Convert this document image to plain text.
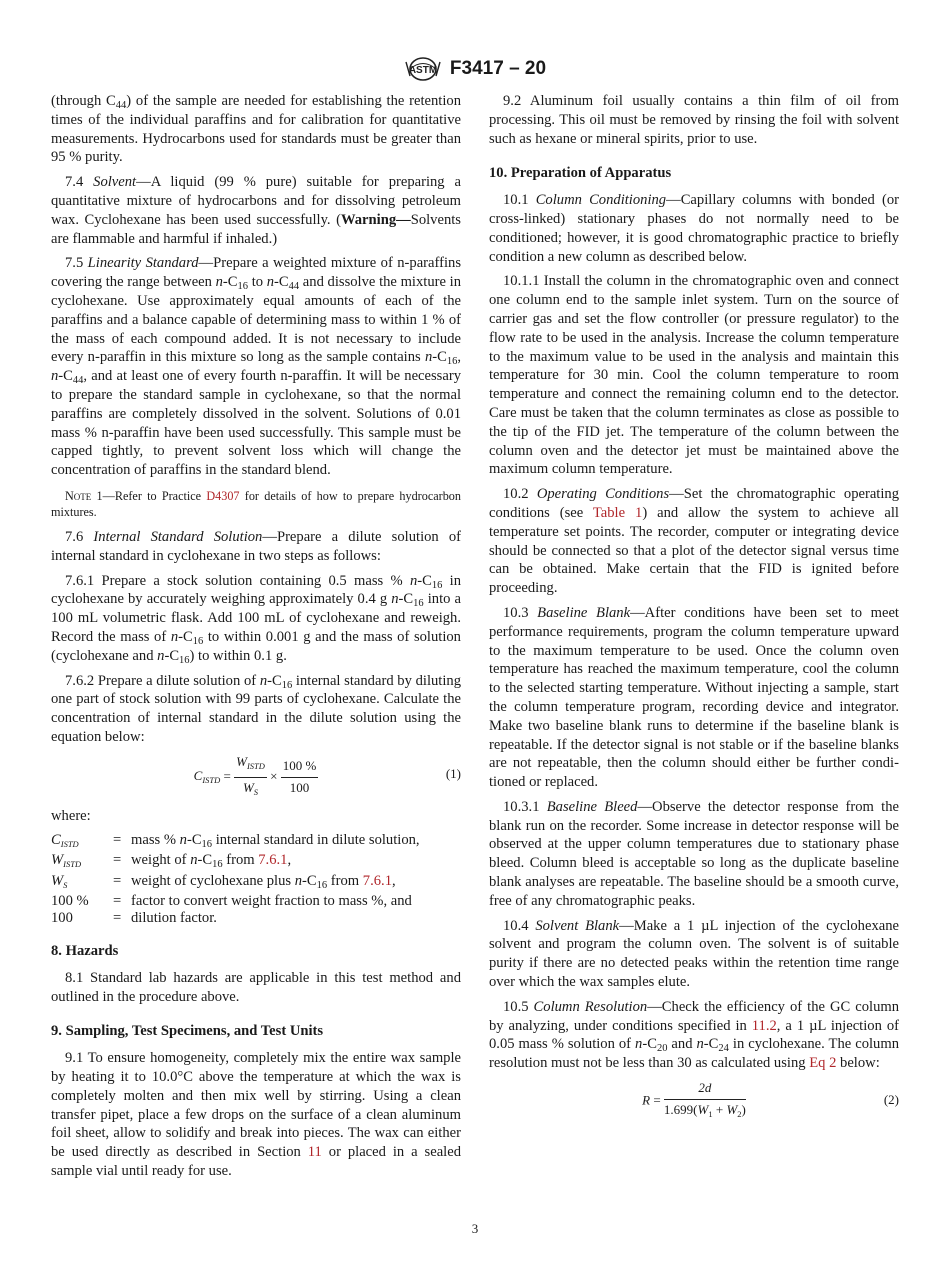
ASTM F3417 – 20

(through $C_{44}$) of the sample are needed for establishing the retention times of the individual paraffins and for calibration for quantitative measurements. Hydrocarbons used for standards must be greater than 95 % purity.

7.4 Solvent—A liquid (99 % pure) suitable for preparing a quantitative mixture of hydrocarbons and for dissolving petroleum wax. Cyclohexane has been used successfully. (Warning—Solvents are flammable and harmful if inhaled.)

7.5 Linearity Standard—Prepare a weighted mixture of n-paraffins covering the range between $n-C_{16}$ to $n-C_{44}$ and dissolve the mixture in cyclohexane. Use approximately equal amounts of each of the paraffins and a balance capable of determining mass to within 1 % of the mass of each compound added. It is not necessary to include every n-paraffin in this mixture so long as the sample contains $n-C_{16}$, $n-C_{44}$, and at least one of every fourth n-paraffin. It will be necessary to prepare the standard sample in cyclohexane, so that the normal paraffins are completely dissolved in the solvent. Solutions of 0.01 mass % n-paraffin have been used successfully. This sample must be capped tightly, to prevent solvent loss which will change the concentration of paraffins in the standard blend.

Note 1—Refer to Practice D4307 for details of how to prepare hydrocarbon mixtures.

7.6 Internal Standard Solution—Prepare a dilute solution of internal standard in cyclohexane in two steps as follows:

7.6.1 Prepare a stock solution containing 0.5 mass % $n-C_{16}$ in cyclohexane by accurately weighing approximately 0.4 g $n-C_{16}$ into a 100 mL volumetric flask. Add 100 mL of cyclohexane and reweigh. Record the mass of $n-C_{16}$ to within 0.001 g and the mass of solution (cyclohexane and $n-C_{16}$) to within 0.1 g.

7.6.2 Prepare a dilute solution of $n-C_{16}$ internal standard by diluting one part of stock solution with 99 parts of cyclohexane. Calculate the concentration of internal standard in the dilute solution using the equation below:

$C_{ISTD} = \frac{W_{ISTD}}{W_S} \times \frac{100 \%}{100}$	(1)

where:

$C_{ISTD}$	=	mass % $n-C_{16}$ internal standard in dilute solution,
$W_{ISTD}$	=	weight of $n-C_{16}$ from 7.6.1,
$W_S$	=	weight of cyclohexane plus $n-C_{16}$ from 7.6.1,
100 %	=	factor to convert weight fraction to mass %, and
100	=	dilution factor.
8. Hazards

8.1 Standard lab hazards are applicable in this test method and outlined in the procedure above.

9. Sampling, Test Specimens, and Test Units

9.1 To ensure homogeneity, completely mix the entire wax sample by heating it to 10.0°C above the temperature at which the wax is completely molten and then mix well by stirring. Using a clean transfer pipet, place a few drops on the surface of a clean aluminum foil sheet, allow to solidify and break into pieces. The wax can either be used directly as described in Section 11 or placed in a sealed sample vial until ready for use.

9.2 Aluminum foil usually contains a thin film of oil from processing. This oil must be removed by rinsing the foil with solvent such as hexane or mineral spirits, prior to use.

10. Preparation of Apparatus

10.1 Column Conditioning—Capillary columns with bonded (or cross-linked) stationary phases do not normally need to be conditioned; however, it is good chromatographic practice to briefly condition a new column as described below.

10.1.1 Install the column in the chromatographic oven and connect one column end to the sample inlet system. Turn on the source of carrier gas and set the flow controller (or pressure regulator) to the flow rate to be used in the analysis. Increase the column temperature to the maximum value to be used in the analysis and maintain this temperature for 30 min. Cool the column temperature to room temperature and connect the remaining column end to the detector. Care must be taken that the column terminates as close as possible to the tip of the FID jet. The temperature of the column between the column oven and the detector jet must be maintained above the maximum column temperature.

10.2 Operating Conditions—Set the chromatographic operating conditions (see Table 1) and allow the system to achieve all temperature set points. The recorder, computer or integrating device should be connected so that a plot of the detector signal versus time can be obtained. Make certain that the FID is ignited before proceeding.

10.3 Baseline Blank—After conditions have been set to meet performance requirements, program the column temperature upward to the maximum temperature to be used. Once the column oven temperature has reached the maximum temperature, cool the column to the selected starting temperature. Without injecting a sample, start the column temperature program, recording device and integrator. Make two baseline blank runs to determine if the baseline blank is repeatable. If the detector signal is not stable or if the baseline blanks are not repeatable, then the column should either be further conditioned or replaced.

10.3.1 Baseline Bleed—Observe the detector response from the blank run on the recorder. Some increase in detector response will be observed at the upper column temperatures due to stationary phase bleed. Column bleed is acceptable so long as the duplicate baseline blank analyses are repeatable. The baseline should be a smooth curve, free of any chromatographic peaks.

10.4 Solvent Blank—Make a 1 µL injection of the cyclohexane solvent and program the column oven. The solvent is of suitable purity if there are no detected peaks within the retention time range over which the wax samples elute.

10.5 Column Resolution—Check the efficiency of the GC column by analyzing, under conditions specified in 11.2, a 1 µL injection of 0.05 mass % solution of $n-C_{20}$ and $n-C_{24}$ in cyclohexane. The column resolution must not be less than 30 as calculated using Eq 2 below:

$R = \frac{2d}{1.699(W_1 + W_2)}$	(2)
3
